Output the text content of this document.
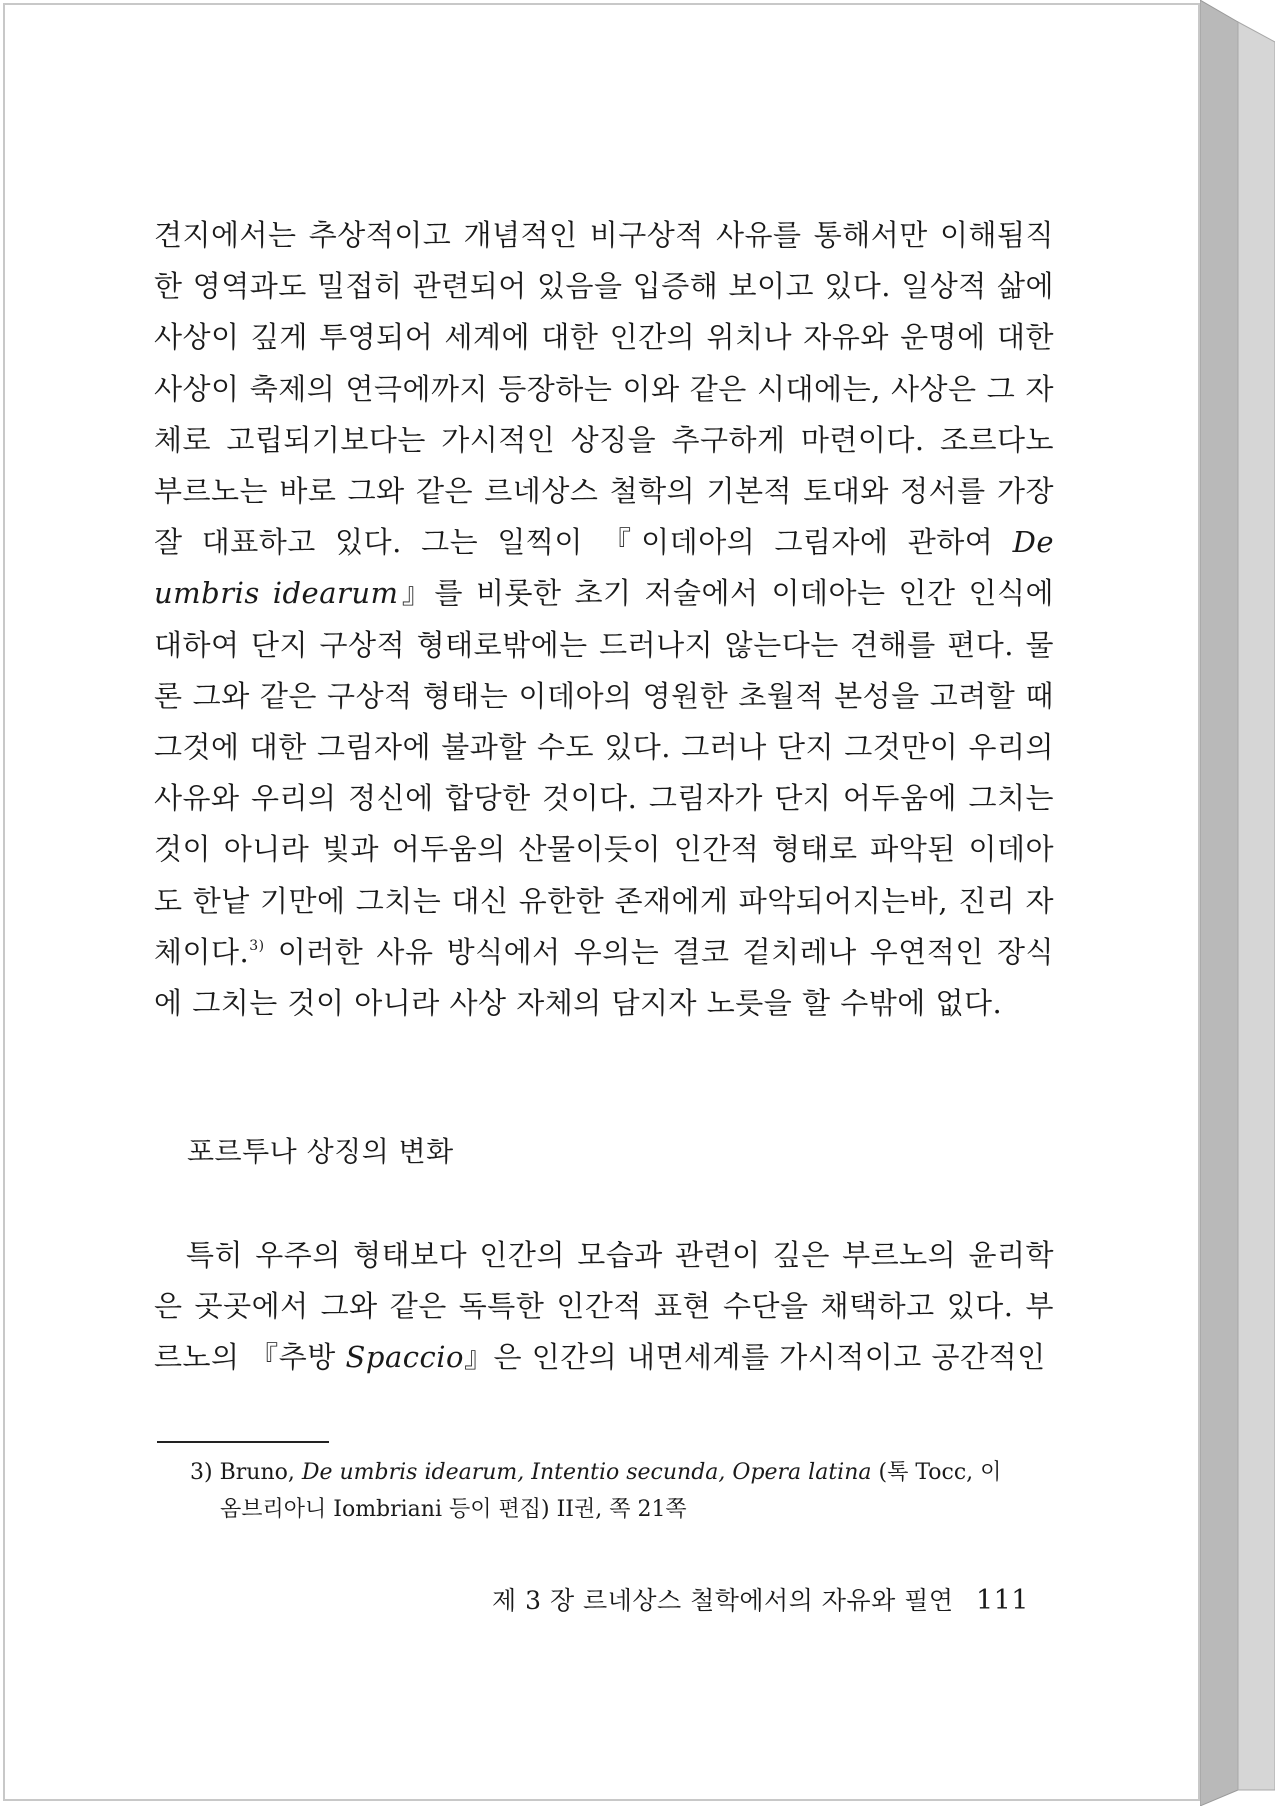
견지에서는 추상적이고 개념적인 비구상적 사유를 통해서만 이해됨직한 영역과도 밀접히 관련되어 있음을 입증해 보이고 있다. 일상적 삶에 사상이 깊게 투영되어 세계에 대한 인간의 위치나 자유와 운명에 대한 사상이 축제의 연극에까지 등장하는 이와 같은 시대에는, 사상은 그 자체로 고립되기보다는 가시적인 상징을 추구하게 마련이다. 조르다노 부르노는 바로 그와 같은 르네상스 철학의 기본적 토대와 정서를 가장 잘 대표하고 있다. 그는 일찍이 『이데아의 그림자에 관하여 De umbris idearum』를 비롯한 초기 저술에서 이데아는 인간 인식에 대하여 단지 구상적 형태로밖에는 드러나지 않는다는 견해를 편다. 물론 그와 같은 구상적 형태는 이데아의 영원한 초월적 본성을 고려할 때 그것에 대한 그림자에 불과할 수도 있다. 그러나 단지 그것만이 우리의 사유와 우리의 정신에 합당한 것이다. 그림자가 단지 어두움에 그치는 것이 아니라 빛과 어두움의 산물이듯이 인간적 형태로 파악된 이데아도 한낱 기만에 그치는 대신 유한한 존재에게 파악되어지는바, 진리 자체이다.$^{3)}$ 이러한 사유 방식에서 우의는 결코 겉치레나 우연적인 장식에 그치는 것이 아니라 사상 자체의 담지자 노릇을 할 수밖에 없다.

포르투나 상징의 변화

특히 우주의 형태보다 인간의 모습과 관련이 깊은 부르노의 윤리학은 곳곳에서 그와 같은 독특한 인간적 표현 수단을 채택하고 있다. 부르노의 『추방 Spaccio』은 인간의 내면세계를 가시적이고 공간적인

3) Bruno, De umbris idearum, Intentio secunda, Opera latina (톡 Tocc, 이
옴브리아니 Iombriani 등이 편집) II권, 쪽 21쪽
제 3 장 르네상스 철학에서의 자유와 필연 111
